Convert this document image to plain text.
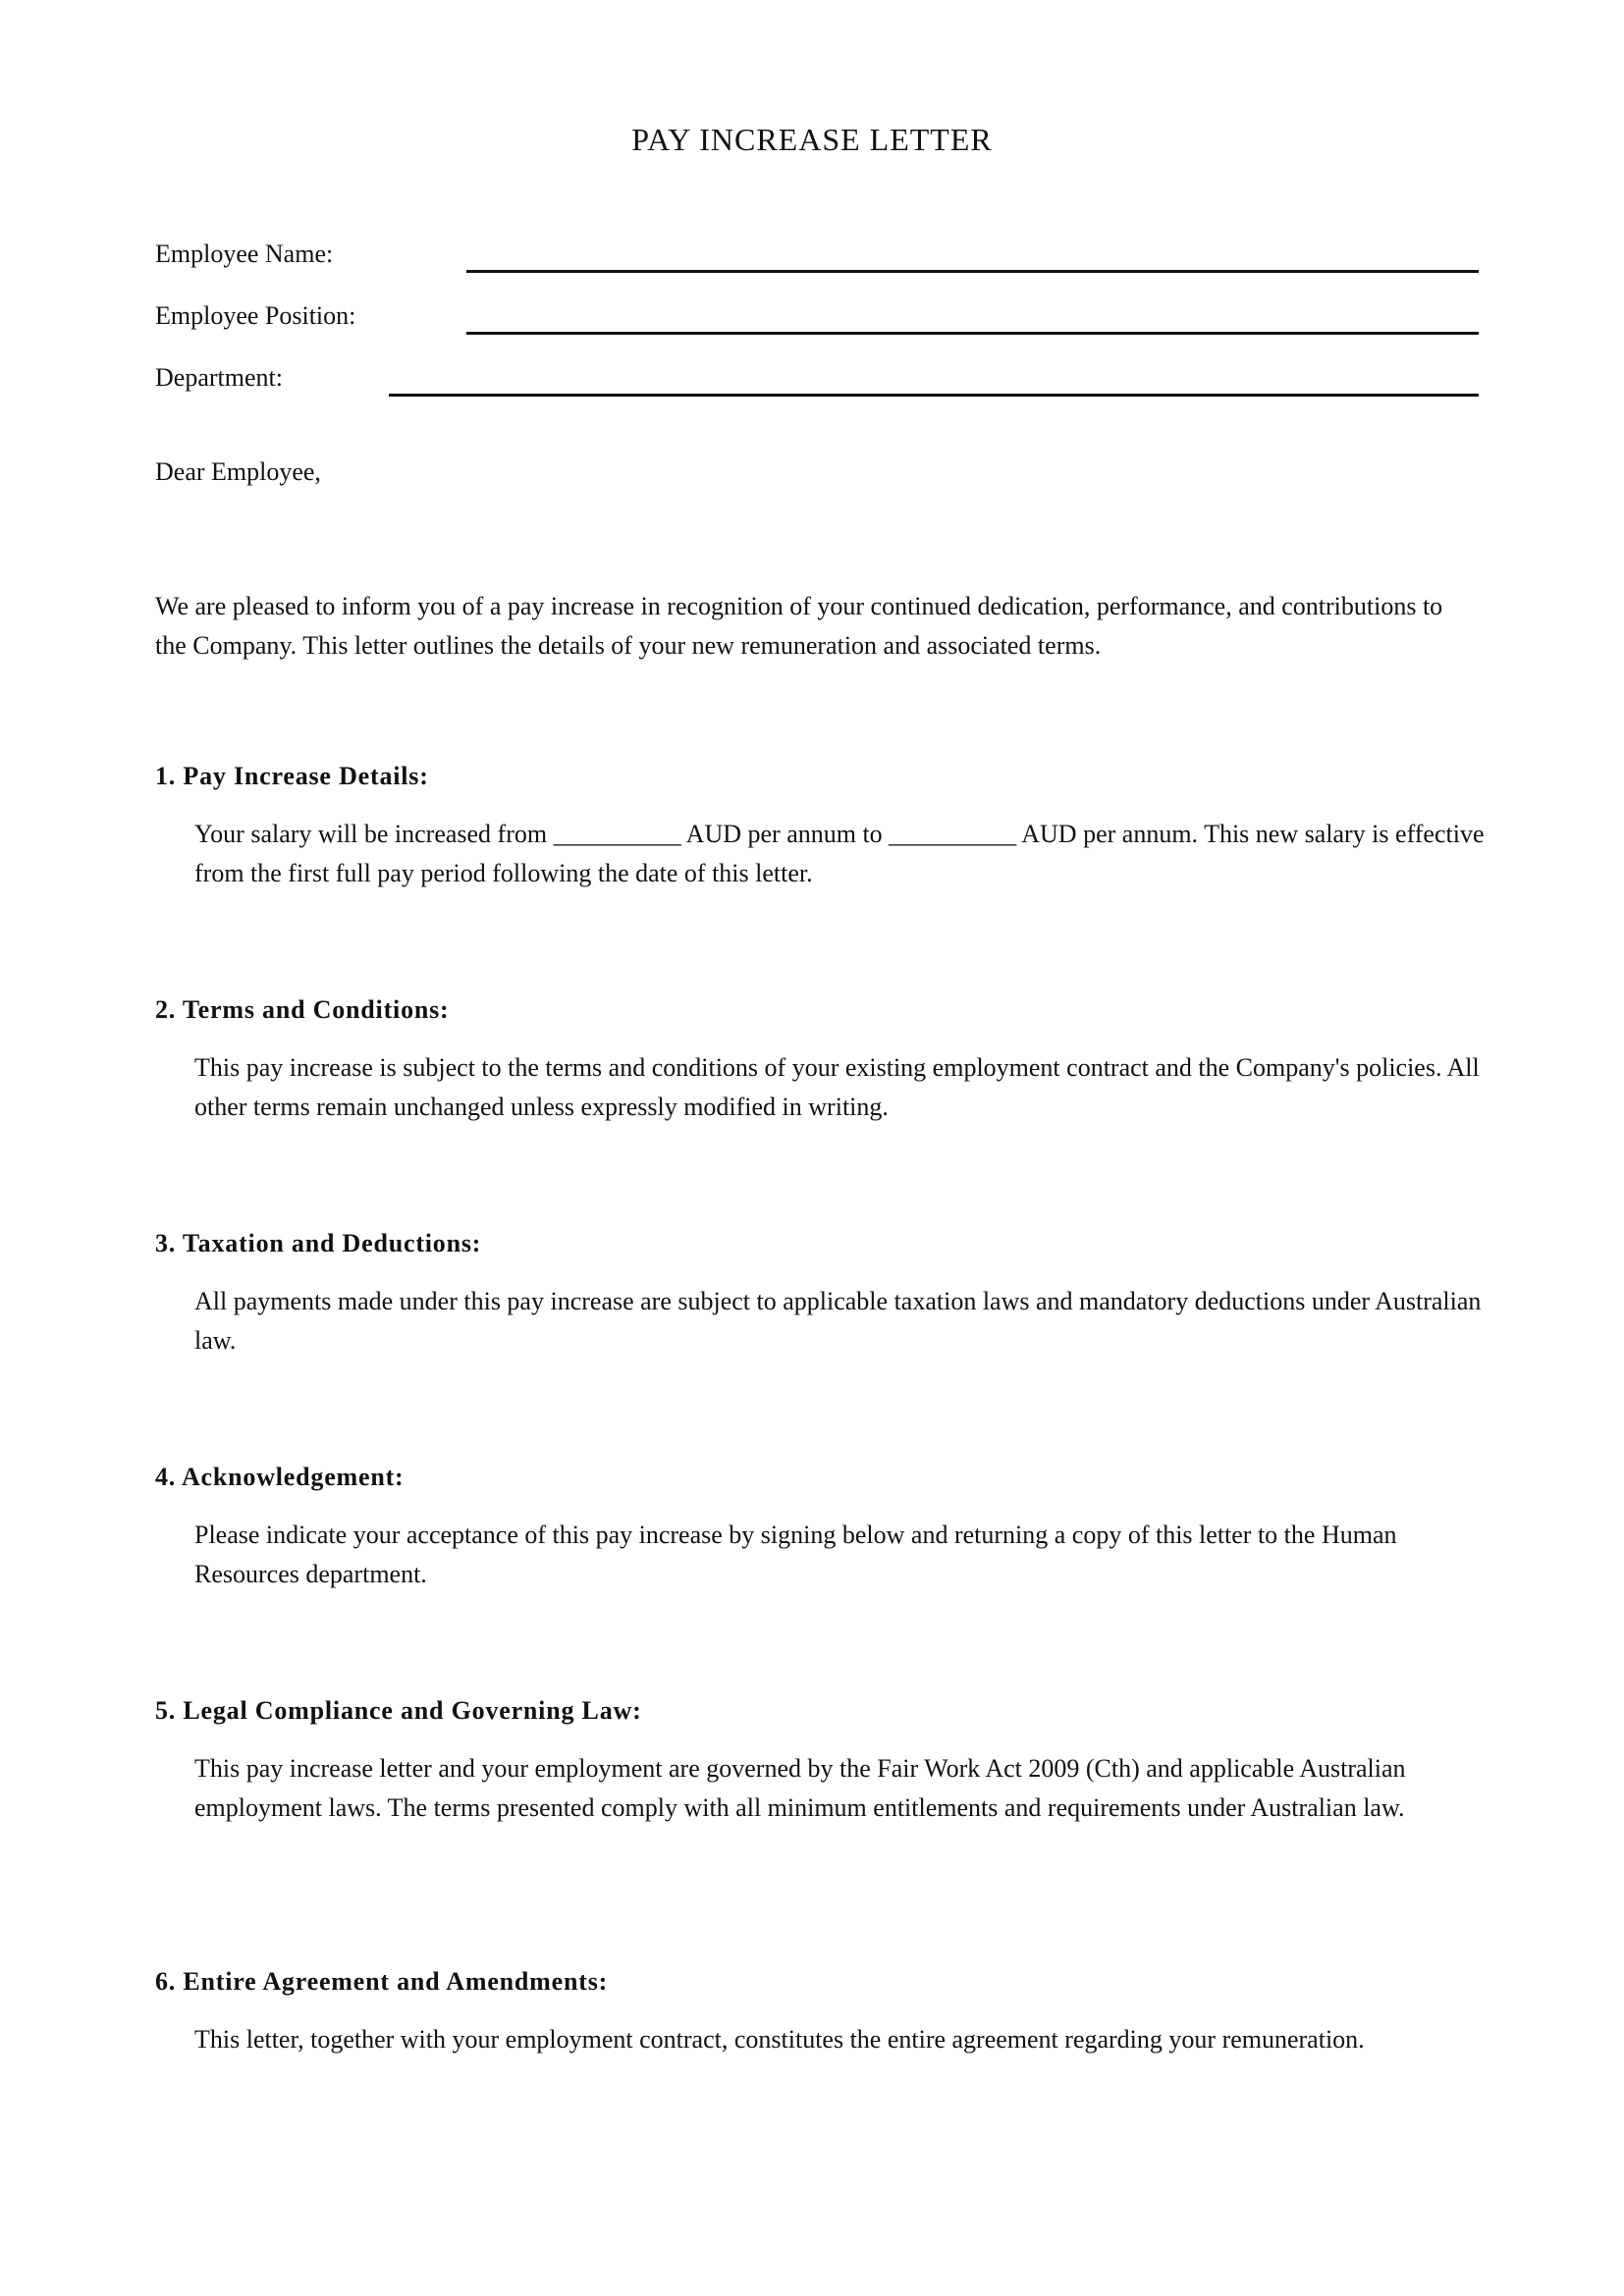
PAY INCREASE LETTER
Employee Name:
Employee Position:
Department:
Dear Employee,

We are pleased to inform you of a pay increase in recognition of your continued dedication, performance, and contributions to the Company. This letter outlines the details of your new remuneration and associated terms.

1. Pay Increase Details:

Your salary will be increased from __________ AUD per annum to __________ AUD per annum. This new salary is effective from the first full pay period following the date of this letter.

2. Terms and Conditions:

This pay increase is subject to the terms and conditions of your existing employment contract and the Company's policies. All other terms remain unchanged unless expressly modified in writing.

3. Taxation and Deductions:

All payments made under this pay increase are subject to applicable taxation laws and mandatory deductions under Australian law.

4. Acknowledgement:

Please indicate your acceptance of this pay increase by signing below and returning a copy of this letter to the Human Resources department.

5. Legal Compliance and Governing Law:

This pay increase letter and your employment are governed by the Fair Work Act 2009 (Cth) and applicable Australian employment laws. The terms presented comply with all minimum entitlements and requirements under Australian law.

6. Entire Agreement and Amendments:

This letter, together with your employment contract, constitutes the entire agreement regarding your remuneration.
